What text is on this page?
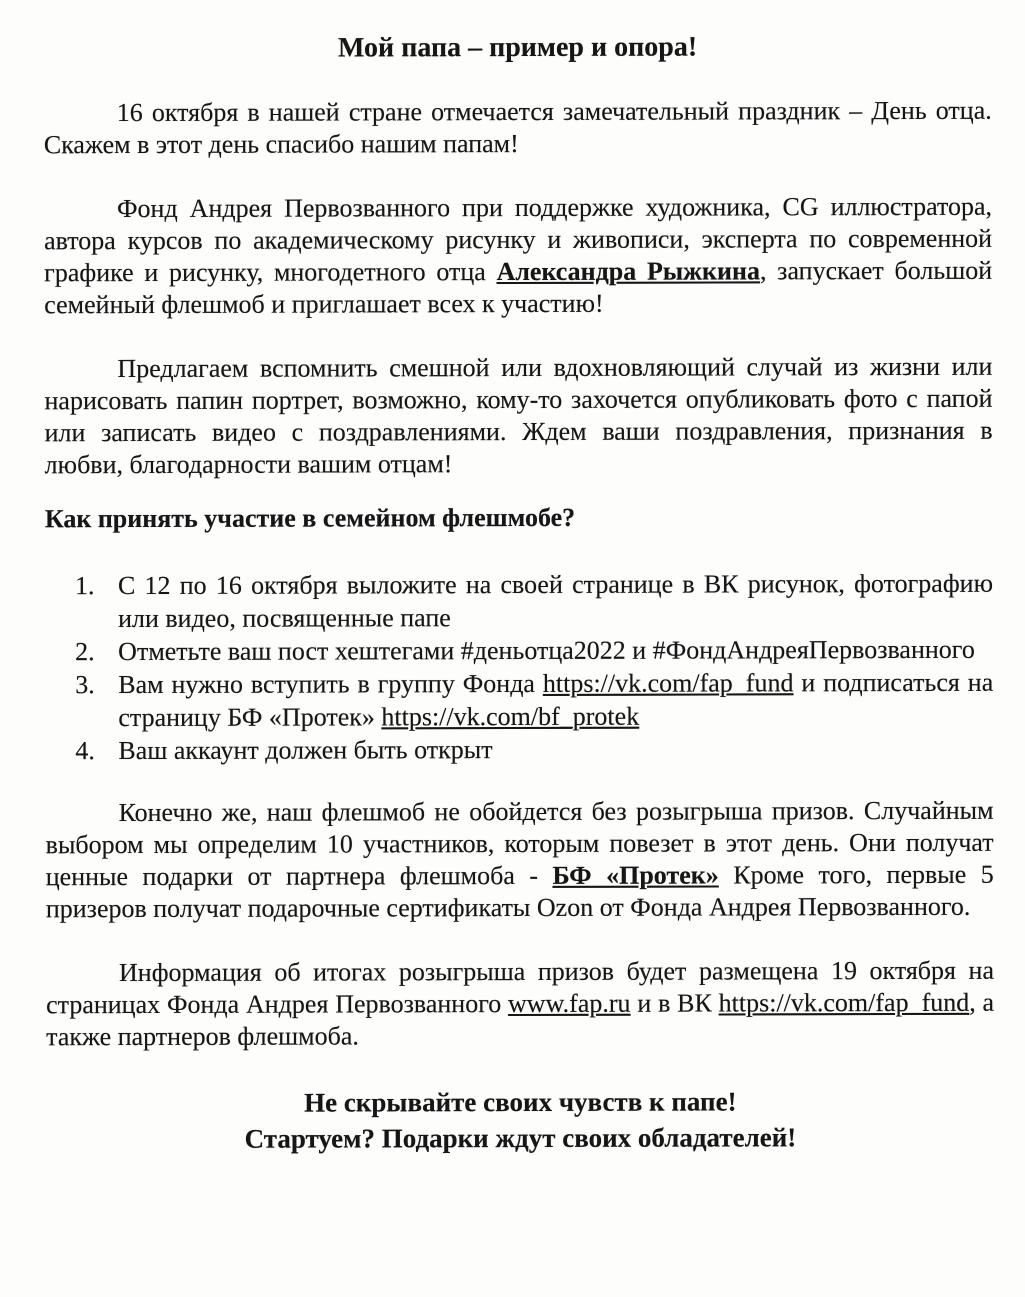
Мой папа – пример и опора!

16 октября в нашей стране отмечается замечательный праздник – День отца. Скажем в этот день спасибо нашим папам!

Фонд Андрея Первозванного при поддержке художника, CG иллюстратора, автора курсов по академическому рисунку и живописи, эксперта по современной графике и рисунку, многодетного отца Александра Рыжкина, запускает большой семейный флешмоб и приглашает всех к участию!

Предлагаем вспомнить смешной или вдохновляющий случай из жизни или нарисовать папин портрет, возможно, кому-то захочется опубликовать фото с папой или записать видео с поздравлениями. Ждем ваши поздравления, признания в любви, благодарности вашим отцам!

Как принять участие в семейном флешмобе?
1. С 12 по 16 октября выложите на своей странице в ВК рисунок, фотографию или видео, посвященные папе
2. Отметьте ваш пост хештегами #деньотца2022 и #ФондАндреяПервозванного
3. Вам нужно вступить в группу Фонда https://vk.com/fap_fund и подписаться на страницу БФ «Протек» https://vk.com/bf_protek
4. Ваш аккаунт должен быть открыт

Конечно же, наш флешмоб не обойдется без розыгрыша призов. Случайным выбором мы определим 10 участников, которым повезет в этот день. Они получат ценные подарки от партнера флешмоба - БФ «Протек» Кроме того, первые 5 призеров получат подарочные сертификаты Ozon от Фонда Андрея Первозванного.

Информация об итогах розыгрыша призов будет размещена 19 октября на страницах Фонда Андрея Первозванного www.fap.ru и в ВК https://vk.com/fap_fund, а также партнеров флешмоба.

Не скрывайте своих чувств к папе!
Стартуем? Подарки ждут своих обладателей!
